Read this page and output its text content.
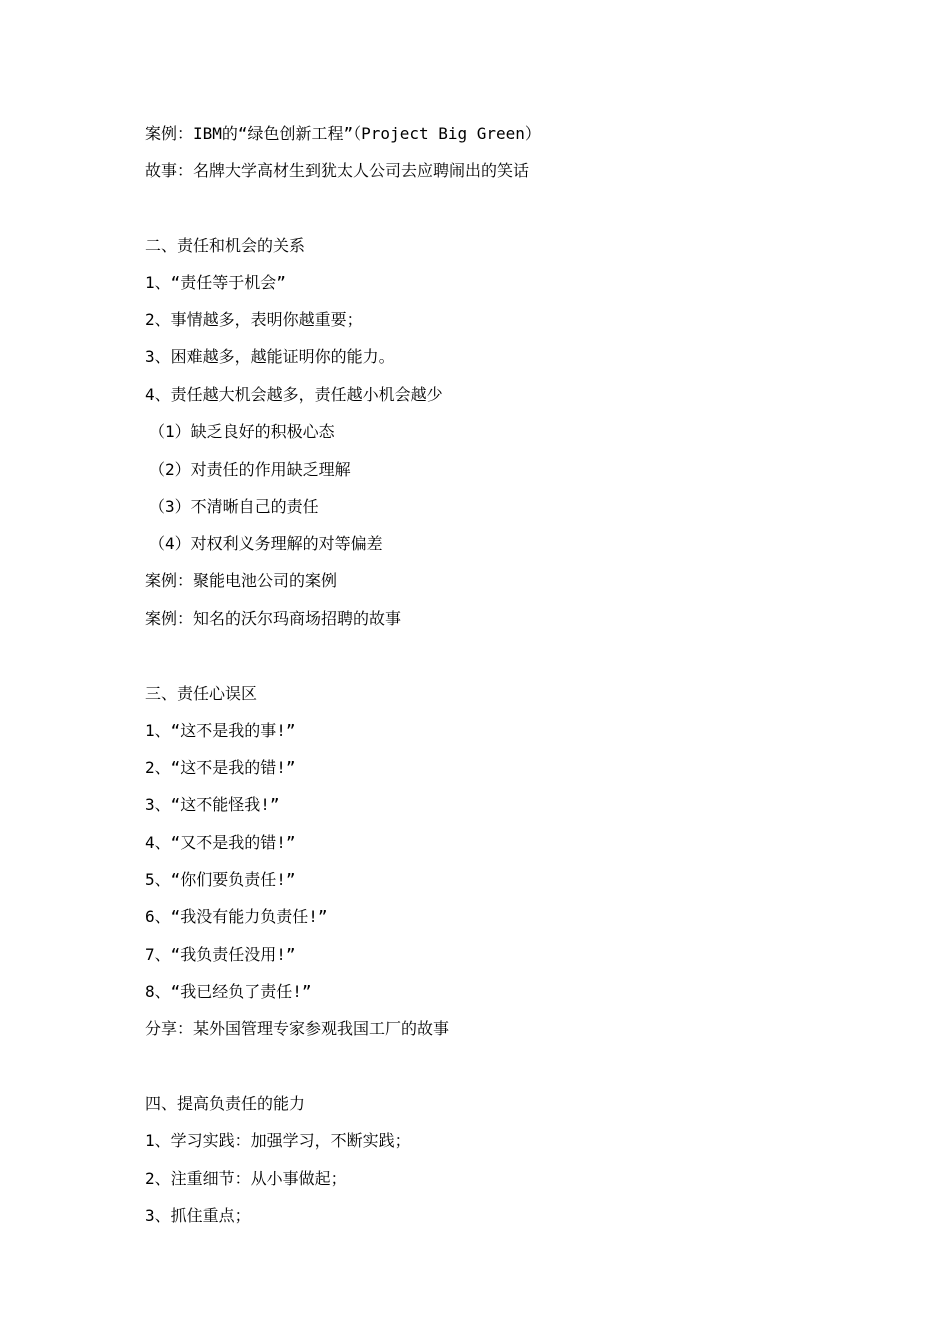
案例：IBM的“绿色创新工程”（Project Big Green）
故事：名牌大学高材生到犹太人公司去应聘闹出的笑话
二、责任和机会的关系
1、“责任等于机会”
2、事情越多，表明你越重要；
3、困难越多，越能证明你的能力。
4、责任越大机会越多，责任越小机会越少
（1）缺乏良好的积极心态
（2）对责任的作用缺乏理解
（3）不清晰自己的责任
（4）对权利义务理解的对等偏差
案例：聚能电池公司的案例
案例：知名的沃尔玛商场招聘的故事
三、责任心误区
1、“这不是我的事!”
2、“这不是我的错!”
3、“这不能怪我!”
4、“又不是我的错!”
5、“你们要负责任!”
6、“我没有能力负责任!”
7、“我负责任没用!”
8、“我已经负了责任!”
分享：某外国管理专家参观我国工厂的故事
四、提高负责任的能力
1、学习实践：加强学习，不断实践；
2、注重细节：从小事做起；
3、抓住重点；
